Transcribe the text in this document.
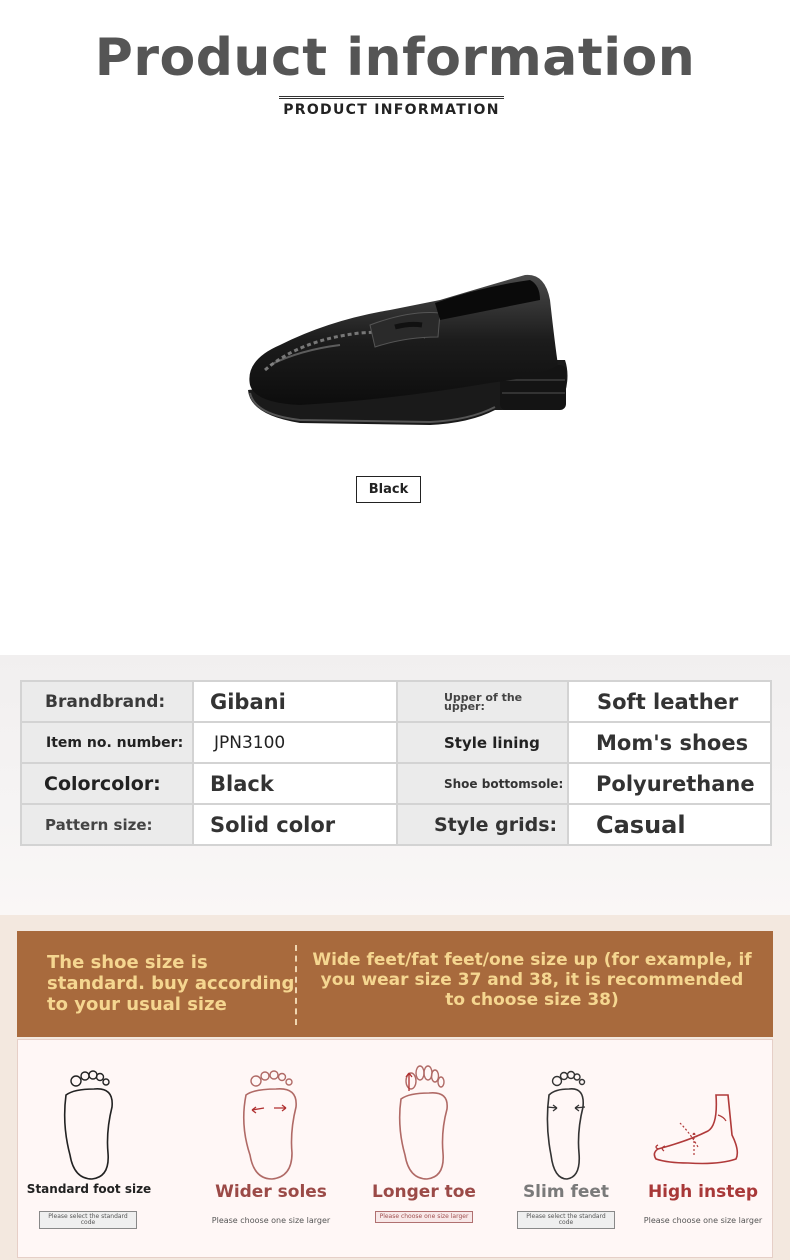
Product information
PRODUCT INFORMATION
Black
Brandbrand:	Gibani	Upper of the upper:	Soft leather
Item no. number:	JPN3100	Style lining	Mom's shoes
Colorcolor:	Black	Shoe bottomsole:	Polyurethane
Pattern size:	Solid color	Style grids:	Casual
The shoe size is standard. buy according to your usual size
Wide feet/fat feet/one size up (for example, if you wear size 37 and 38, it is recommended to choose size 38)
Standard foot size
Please select the standard code
Wider soles
Please choose one size larger
Longer toe
Please choose one size larger
Slim feet
Please select the standard code
High instep
Please choose one size larger
